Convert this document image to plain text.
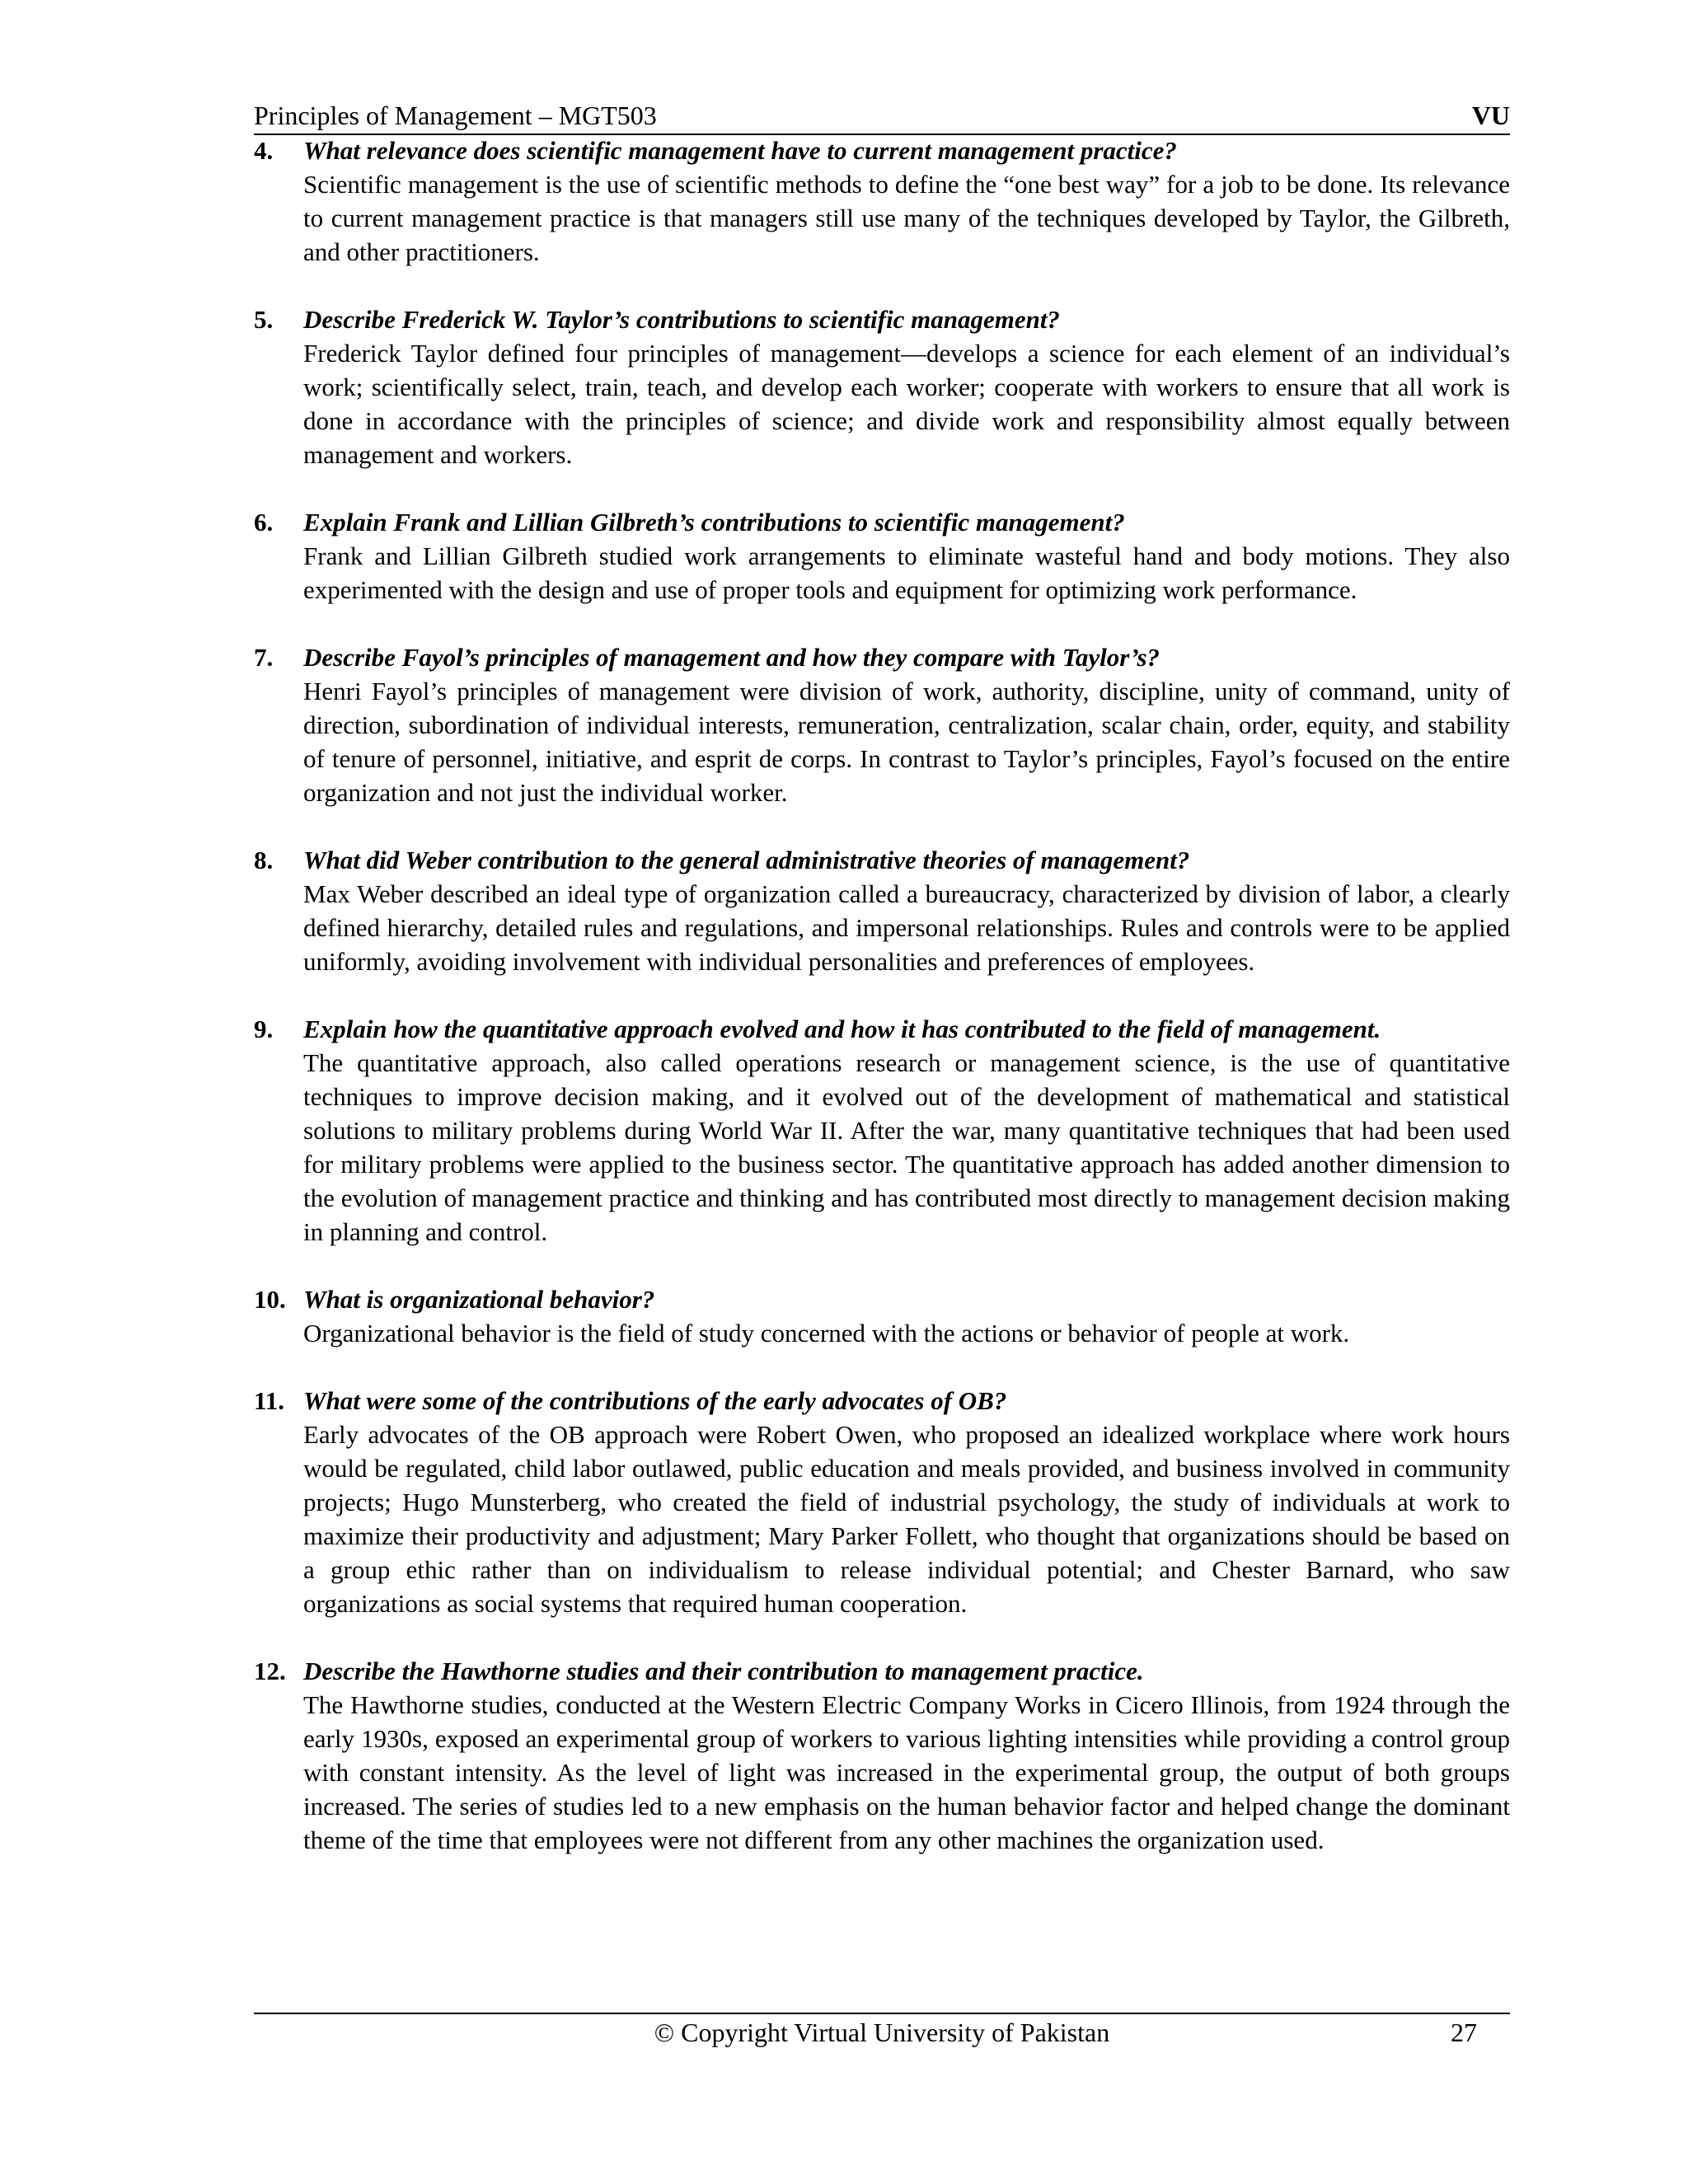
Principles of Management – MGT503	VU
4. What relevance does scientific management have to current management practice?
Scientific management is the use of scientific methods to define the “one best way” for a job to be done. Its relevance to current management practice is that managers still use many of the techniques developed by Taylor, the Gilbreth, and other practitioners.
5. Describe Frederick W. Taylor’s contributions to scientific management?
Frederick Taylor defined four principles of management—develops a science for each element of an individual’s work; scientifically select, train, teach, and develop each worker; cooperate with workers to ensure that all work is done in accordance with the principles of science; and divide work and responsibility almost equally between management and workers.
6. Explain Frank and Lillian Gilbreth’s contributions to scientific management?
Frank and Lillian Gilbreth studied work arrangements to eliminate wasteful hand and body motions. They also experimented with the design and use of proper tools and equipment for optimizing work performance.
7. Describe Fayol’s principles of management and how they compare with Taylor’s?
Henri Fayol’s principles of management were division of work, authority, discipline, unity of command, unity of direction, subordination of individual interests, remuneration, centralization, scalar chain, order, equity, and stability of tenure of personnel, initiative, and esprit de corps. In contrast to Taylor’s principles, Fayol’s focused on the entire organization and not just the individual worker.
8. What did Weber contribution to the general administrative theories of management?
Max Weber described an ideal type of organization called a bureaucracy, characterized by division of labor, a clearly defined hierarchy, detailed rules and regulations, and impersonal relationships. Rules and controls were to be applied uniformly, avoiding involvement with individual personalities and preferences of employees.
9. Explain how the quantitative approach evolved and how it has contributed to the field of management.
The quantitative approach, also called operations research or management science, is the use of quantitative techniques to improve decision making, and it evolved out of the development of mathematical and statistical solutions to military problems during World War II. After the war, many quantitative techniques that had been used for military problems were applied to the business sector. The quantitative approach has added another dimension to the evolution of management practice and thinking and has contributed most directly to management decision making in planning and control.
10. What is organizational behavior?
Organizational behavior is the field of study concerned with the actions or behavior of people at work.
11. What were some of the contributions of the early advocates of OB?
Early advocates of the OB approach were Robert Owen, who proposed an idealized workplace where work hours would be regulated, child labor outlawed, public education and meals provided, and business involved in community projects; Hugo Munsterberg, who created the field of industrial psychology, the study of individuals at work to maximize their productivity and adjustment; Mary Parker Follett, who thought that organizations should be based on a group ethic rather than on individualism to release individual potential; and Chester Barnard, who saw organizations as social systems that required human cooperation.
12. Describe the Hawthorne studies and their contribution to management practice.
The Hawthorne studies, conducted at the Western Electric Company Works in Cicero Illinois, from 1924 through the early 1930s, exposed an experimental group of workers to various lighting intensities while providing a control group with constant intensity. As the level of light was increased in the experimental group, the output of both groups increased. The series of studies led to a new emphasis on the human behavior factor and helped change the dominant theme of the time that employees were not different from any other machines the organization used.
© Copyright Virtual University of Pakistan	27
